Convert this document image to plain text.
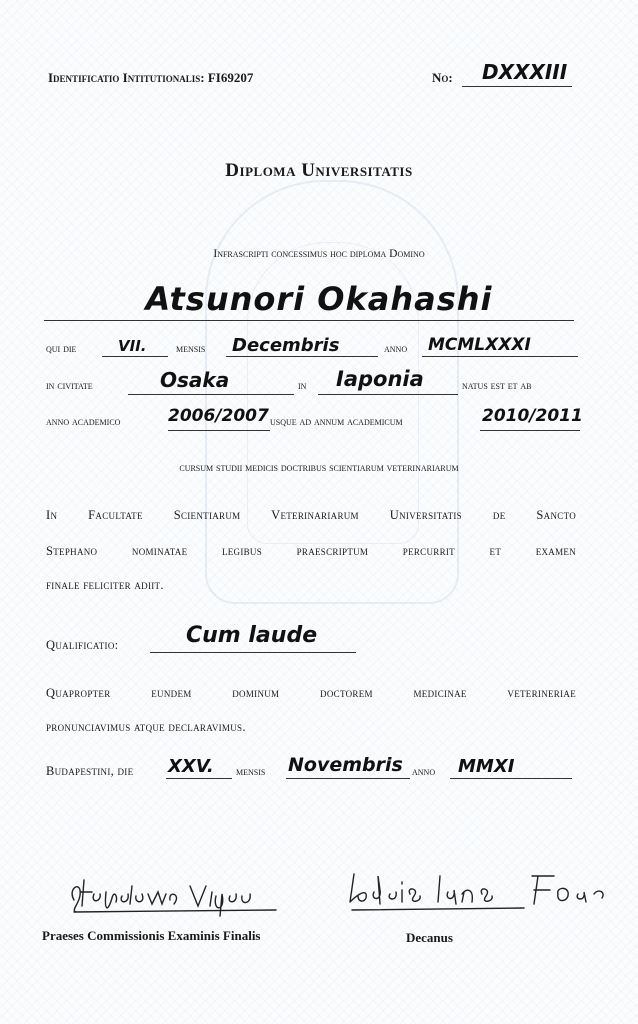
Identificatio Intitutionalis: FI69207	No: DXXXIII
Diploma Universitatis
Infrascripti concessimus hoc diploma Domino
Atsunori Okahashi
qui die	VII.	mensis Decembris	anno MCMLXXXI
in civitate	Osaka	in Iaponia	natus est et ab
anno academico	2006/2007 usque ad annum academicum	2010/2011
cursum studii medicis doctribus scientiarum veterinariarum
In Facultate Scientiarum Veterinariarum Universitatis de Sancto
Stephano nominatae legibus praescriptum percurrit et examen
finale feliciter adiit.
Qualificatio:	Cum laude
Quapropter eundem dominum doctorem medicinae veterineriae
pronunciavimus atque declaravimus.
Budapestini, die XXV. mensis Novembris anno MMXI
Praeses Commissionis Examinis Finalis	Decanus
